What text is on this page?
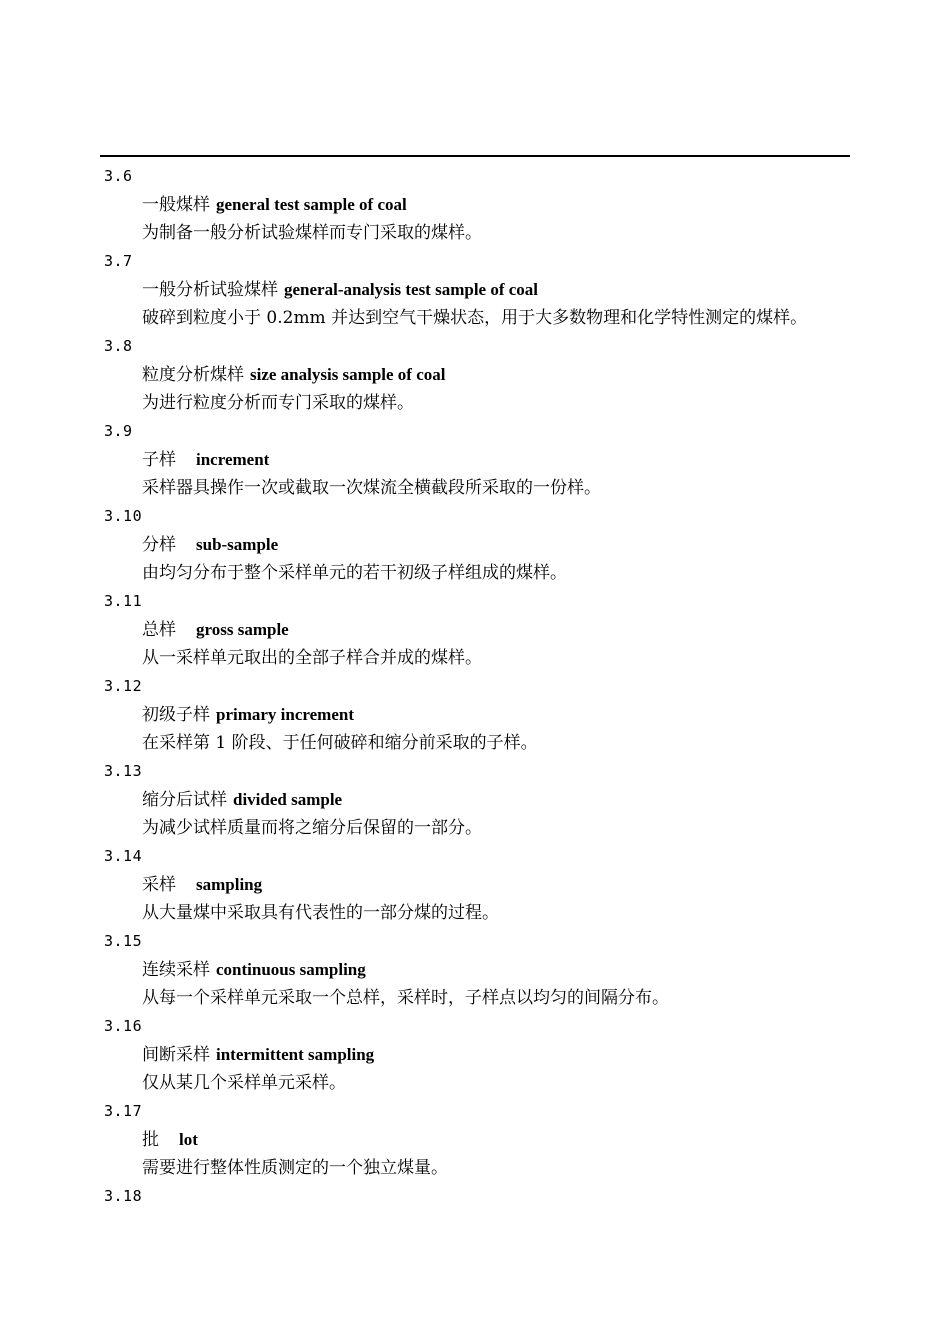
3.6
一般煤样 general test sample of coal
为制备一般分析试验煤样而专门采取的煤样。
3.7
一般分析试验煤样 general-analysis test sample of coal
破碎到粒度小于 0.2mm 并达到空气干燥状态，用于大多数物理和化学特性测定的煤样。
3.8
粒度分析煤样 size analysis sample of coal
为进行粒度分析而专门采取的煤样。
3.9
子样 increment
采样器具操作一次或截取一次煤流全横截段所采取的一份样。
3.10
分样 sub-sample
由均匀分布于整个采样单元的若干初级子样组成的煤样。
3.11
总样 gross sample
从一采样单元取出的全部子样合并成的煤样。
3.12
初级子样 primary increment
在采样第 1 阶段、于任何破碎和缩分前采取的子样。
3.13
缩分后试样 divided sample
为减少试样质量而将之缩分后保留的一部分。
3.14
采样 sampling
从大量煤中采取具有代表性的一部分煤的过程。
3.15
连续采样 continuous sampling
从每一个采样单元采取一个总样，采样时，子样点以均匀的间隔分布。
3.16
间断采样 intermittent sampling
仅从某几个采样单元采样。
3.17
批 lot
需要进行整体性质测定的一个独立煤量。
3.18
